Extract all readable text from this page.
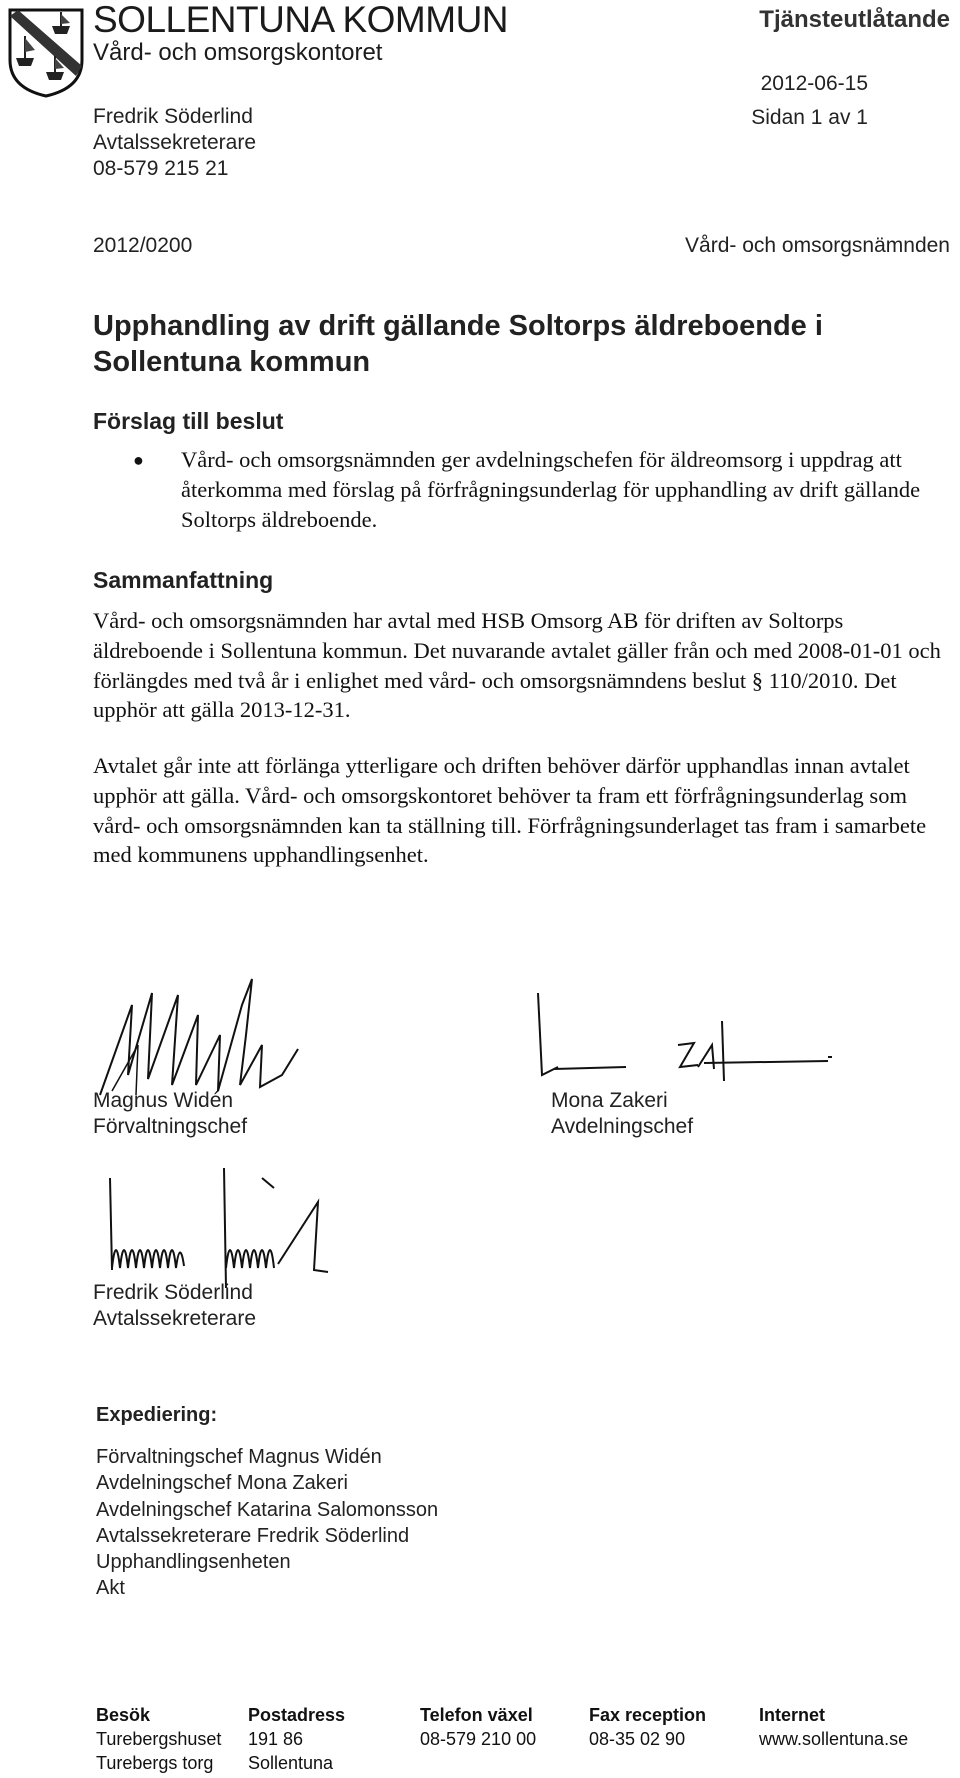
SOLLENTUNA KOMMUN
Vård- och omsorgskontoret
Tjänsteutlåtande
2012-06-15
Sidan 1 av 1
Fredrik Söderlind
Avtalssekreterare
08-579 215 21
2012/0200	Vård- och omsorgsnämnden
Upphandling av drift gällande Soltorps äldreboende i Sollentuna kommun
Förslag till beslut
● Vård- och omsorgsnämnden ger avdelningschefen för äldreomsorg i uppdrag att återkomma med förslag på förfrågningsunderlag för upphandling av drift gällande Soltorps äldreboende.
Sammanfattning
Vård- och omsorgsnämnden har avtal med HSB Omsorg AB för driften av Soltorps äldreboende i Sollentuna kommun. Det nuvarande avtalet gäller från och med 2008-01-01 och förlängdes med två år i enlighet med vård- och omsorgsnämndens beslut § 110/2010. Det upphör att gälla 2013-12-31.
Avtalet går inte att förlänga ytterligare och driften behöver därför upphandlas innan avtalet upphör att gälla. Vård- och omsorgskontoret behöver ta fram ett förfrågningsunderlag som vård- och omsorgsnämnden kan ta ställning till. Förfrågningsunderlaget tas fram i samarbete med kommunens upphandlingsenhet.
Magnus Widén
Förvaltningschef
Mona Zakeri
Avdelningschef
Fredrik Söderlind
Avtalssekreterare
Expediering:
Förvaltningschef Magnus Widén
Avdelningschef Mona Zakeri
Avdelningschef Katarina Salomonsson
Avtalssekreterare Fredrik Söderlind
Upphandlingsenheten
Akt
Besök
Turebergshuset
Turebergs torg
Postadress
191 86
Sollentuna
Telefon växel
08-579 210 00
Fax reception
08-35 02 90
Internet
www.sollentuna.se
